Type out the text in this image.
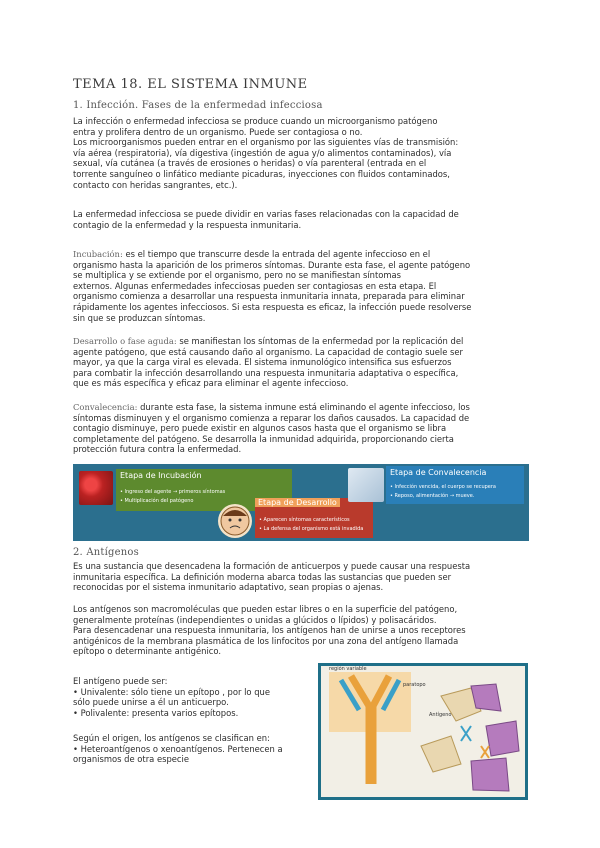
TEMA 18. EL SISTEMA INMUNE
1. Infección. Fases de la enfermedad infecciosa
La infección o enfermedad infecciosa se produce cuando un microorganismo patógeno
entra y prolifera dentro de un organismo. Puede ser contagiosa o no.
Los microorganismos pueden entrar en el organismo por las siguientes vías de transmisión:
vía aérea (respiratoria), vía digestiva (ingestión de agua y/o alimentos contaminados), vía
sexual, vía cutánea (a través de erosiones o heridas) o vía parenteral (entrada en el
torrente sanguíneo o linfático mediante picaduras, inyecciones con fluidos contaminados,
contacto con heridas sangrantes, etc.).
La enfermedad infecciosa se puede dividir en varias fases relacionadas con la capacidad de
contagio de la enfermedad y la respuesta inmunitaria.
Incubación: es el tiempo que transcurre desde la entrada del agente infeccioso en el
organismo hasta la aparición de los primeros síntomas. Durante esta fase, el agente patógeno
se multiplica y se extiende por el organismo, pero no se manifiestan síntomas
externos. Algunas enfermedades infecciosas pueden ser contagiosas en esta etapa. El
organismo comienza a desarrollar una respuesta inmunitaria innata, preparada para eliminar
rápidamente los agentes infecciosos. Si esta respuesta es eficaz, la infección puede resolverse
sin que se produzcan síntomas.
Desarrollo o fase aguda: se manifiestan los síntomas de la enfermedad por la replicación del
agente patógeno, que está causando daño al organismo. La capacidad de contagio suele ser
mayor, ya que la carga viral es elevada. El sistema inmunológico intensifica sus esfuerzos
para combatir la infección desarrollando una respuesta inmunitaria adaptativa o específica,
que es más específica y eficaz para eliminar el agente infeccioso.
Convalecencia: durante esta fase, la sistema inmune está eliminando el agente infeccioso, los
síntomas disminuyen y el organismo comienza a reparar los daños causados. La capacidad de
contagio disminuye, pero puede existir en algunos casos hasta que el organismo se libra
completamente del patógeno. Se desarrolla la inmunidad adquirida, proporcionando cierta
protección futura contra la enfermedad.
Etapa de Incubación
• Ingreso del agente → primeros síntomas
• Multiplicación del patógeno	Etapa de Desarrollo
• Aparecen síntomas característicos
• La defensa del organismo está invadida
Etapa de Convalecencia
• Infección vencida, el cuerpo se recupera
• Reposo, alimentación → mueve.
2. Antígenos
Es una sustancia que desencadena la formación de anticuerpos y puede causar una respuesta
inmunitaria específica. La definición moderna abarca todas las sustancias que pueden ser
reconocidas por el sistema inmunitario adaptativo, sean propias o ajenas.
Los antígenos son macromoléculas que pueden estar libres o en la superficie del patógeno,
generalmente proteínas (independientes o unidas a glúcidos o lípidos) y polisacáridos.
Para desencadenar una respuesta inmunitaria, los antígenos han de unirse a unos receptores
antigénicos de la membrana plasmática de los linfocitos por una zona del antígeno llamada
epítopo o determinante antigénico.
El antígeno puede ser:
• Univalente: sólo tiene un epítopo , por lo que
sólo puede unirse a él un anticuerpo.
• Polivalente: presenta varios epítopos.
Según el origen, los antígenos se clasifican en:
• Heteroantígenos o xenoantígenos. Pertenecen a
organismos de otra especie
región variable
paratopo
Antígeno
